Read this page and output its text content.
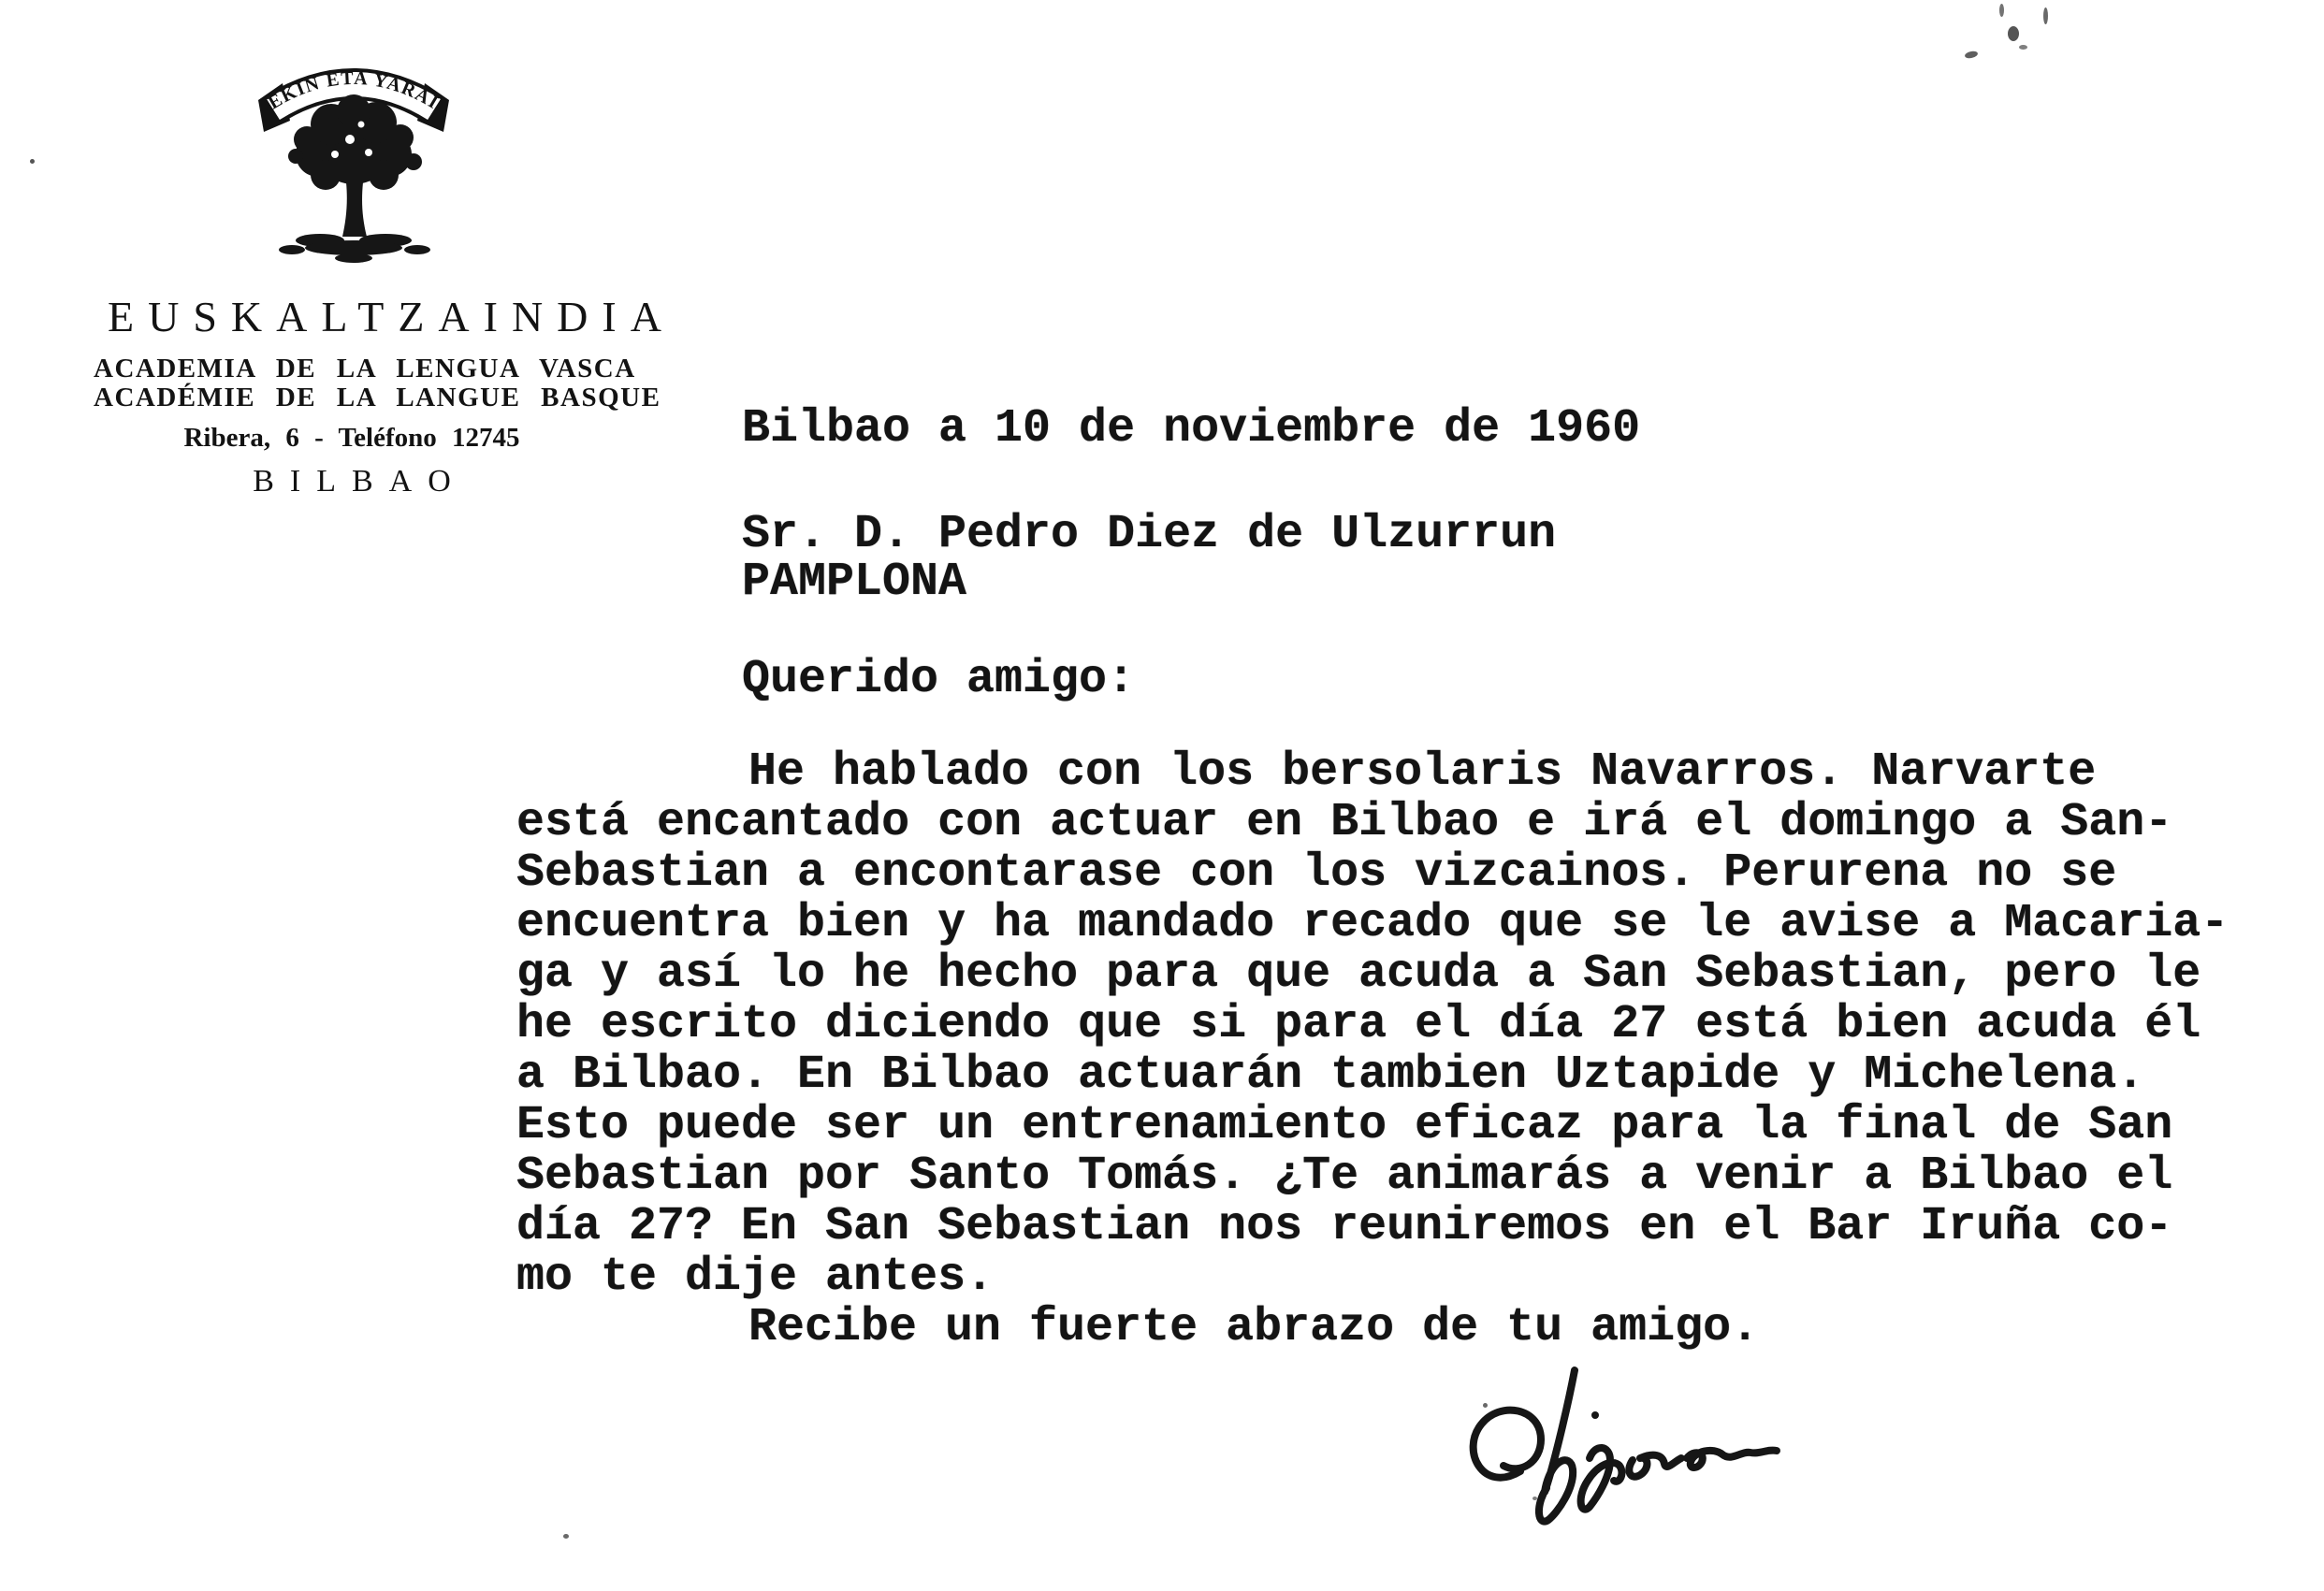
EKIN ETA YARAI
EUSKALTZAINDIA
ACADEMIA DE LA LENGUA VASCA
ACADÉMIE DE LA LANGUE BASQUE
Ribera, 6 - Teléfono 12745
BILBAO
Bilbao a 10 de noviembre de 1960
Sr. D. Pedro Diez de Ulzurrun
PAMPLONA
Querido amigo:
He hablado con los bersolaris Navarros. Narvarte
está encantado con actuar en Bilbao e irá el domingo a San-
Sebastian a encontarase con los vizcainos. Perurena no se
encuentra bien y ha mandado recado que se le avise a Macaria-
ga y así lo he hecho para que acuda a San Sebastian, pero le
he escrito diciendo que si para el día 27 está bien acuda él
a Bilbao. En Bilbao actuarán tambien Uztapide y Michelena.
Esto puede ser un entrenamiento eficaz para la final de San
Sebastian por Santo Tomás. ¿Te animarás a venir a Bilbao el
día 27? En San Sebastian nos reuniremos en el Bar Iruña co-
mo te dije antes.
Recibe un fuerte abrazo de tu amigo.
